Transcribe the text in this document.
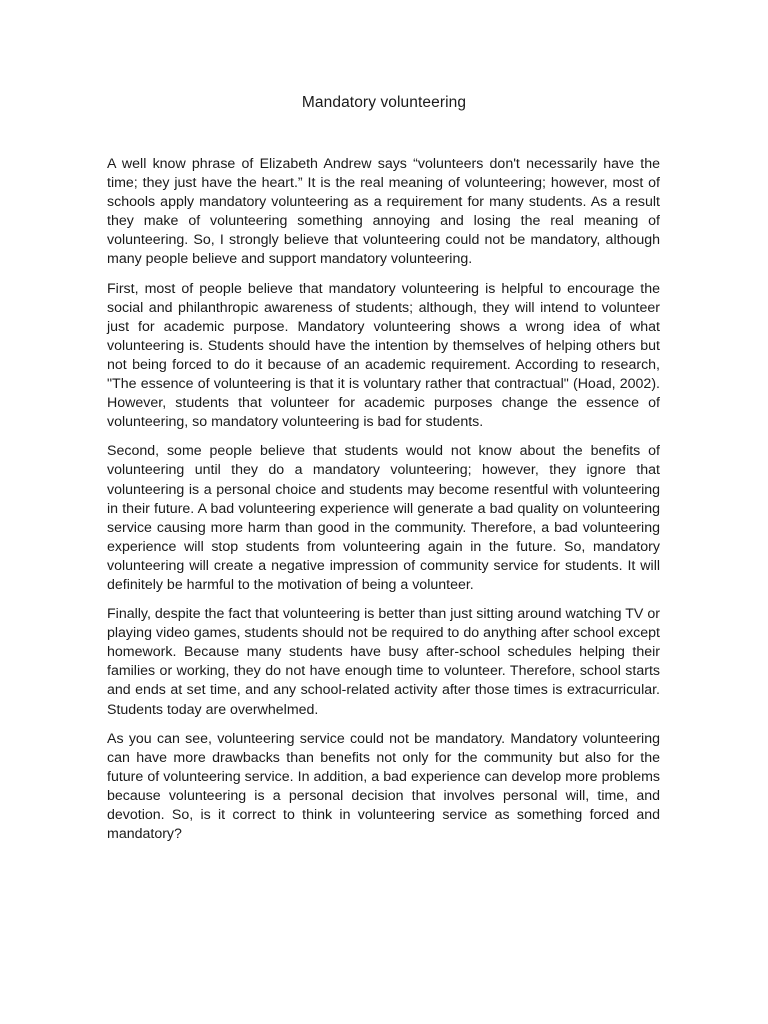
Mandatory volunteering

A well know phrase of Elizabeth Andrew says “volunteers don't necessarily have the time; they just have the heart.” It is the real meaning of volunteering; however, most of schools apply mandatory volunteering as a requirement for many students. As a result they make of volunteering something annoying and losing the real meaning of volunteering. So, I strongly believe that volunteering could not be mandatory, although many people believe and support mandatory volunteering.

First, most of people believe that mandatory volunteering is helpful to encourage the social and philanthropic awareness of students; although, they will intend to volunteer just for academic purpose. Mandatory volunteering shows a wrong idea of what volunteering is. Students should have the intention by themselves of helping others but not being forced to do it because of an academic requirement. According to research, "The essence of volunteering is that it is voluntary rather that contractual" (Hoad, 2002). However, students that volunteer for academic purposes change the essence of volunteering, so mandatory volunteering is bad for students.

Second, some people believe that students would not know about the benefits of volunteering until they do a mandatory volunteering; however, they ignore that volunteering is a personal choice and students may become resentful with volunteering in their future. A bad volunteering experience will generate a bad quality on volunteering service causing more harm than good in the community. Therefore, a bad volunteering experience will stop students from volunteering again in the future. So, mandatory volunteering will create a negative impression of community service for students. It will definitely be harmful to the motivation of being a volunteer.

Finally, despite the fact that volunteering is better than just sitting around watching TV or playing video games, students should not be required to do anything after school except homework. Because many students have busy after-school schedules helping their families or working, they do not have enough time to volunteer. Therefore, school starts and ends at set time, and any school-related activity after those times is extracurricular. Students today are overwhelmed.

As you can see, volunteering service could not be mandatory. Mandatory volunteering can have more drawbacks than benefits not only for the community but also for the future of volunteering service. In addition, a bad experience can develop more problems because volunteering is a personal decision that involves personal will, time, and devotion. So, is it correct to think in volunteering service as something forced and mandatory?
